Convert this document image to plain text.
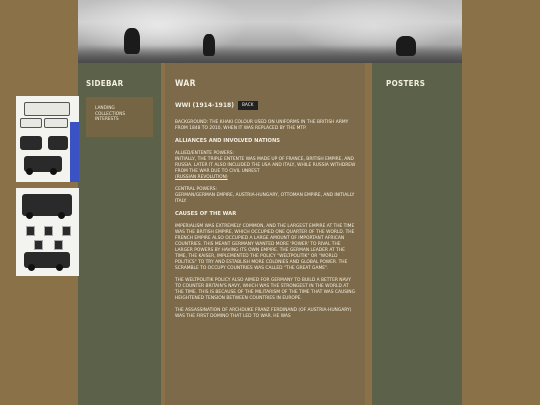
SIDEBAR
LANDING
COLLECTIONS
INTERESTS
WAR
WWI (1914-1918)	BACK

BACKGROUND: THE KHAKI COLOUR USED ON UNIFORMS IN THE BRITISH ARMY FROM 1848 TO 2010, WHEN IT WAS REPLACED BY THE MTP.

ALLIANCES AND INVOLVED NATIONS

ALLIED/ENTENTE POWERS:

INITIALLY, THE TRIPLE ENTENTE WAS MADE UP OF FRANCE, BRITISH EMPIRE, AND RUSSIA. LATER IT ALSO INCLUDED THE USA AND ITALY, WHILE RUSSIA WITHDREW FROM THE WAR DUE TO CIVIL UNREST

(RUSSIAN REVOLUTION)

CENTRAL POWERS:

GERMAN/GERMAN EMPIRE, AUSTRIA-HUNGARY, OTTOMAN EMPIRE, AND INITIALLY ITALY.

CAUSES OF THE WAR

IMPERIALISM WAS EXTREMELY COMMON, AND THE LARGEST EMPIRE AT THE TIME WAS THE BRITISH EMPIRE, WHICH OCCUPIED ONE QUARTER OF THE WORLD. THE FRENCH EMPIRE ALSO OCCUPIED A LARGE AMOUNT OF IMPORTANT AFRICAN COUNTRIES. THIS MEANT GERMANY WANTED MORE 'POWER' TO RIVAL THE LARGER POWERS BY HAVING ITS OWN EMPIRE. THE GERMAN LEADER AT THE TIME, THE KAISER, IMPLEMENTED THE POLICY "WELTPOLITIK" OR "WORLD POLITICS" TO TRY AND ESTABLISH MORE COLONIES AND GLOBAL POWER. THE SCRAMBLE TO OCCUPY COUNTRIES WAS CALLED "THE GREAT GAME".

THE WELTPOLITIK POLICY ALSO AIMED FOR GERMANY TO BUILD A BETTER NAVY TO COUNTER BRITAIN'S NAVY, WHICH WAS THE STRONGEST IN THE WORLD AT THE TIME. THIS IS BECAUSE OF THE MILITARISM OF THE TIME THAT WAS CAUSING HEIGHTENED TENSION BETWEEN COUNTRIES IN EUROPE.

THE ASSASSINATION OF ARCHDUKE FRANZ FERDINAND (OF AUSTRIA-HUNGARY) WAS THE FIRST DOMINO THAT LED TO WAR. HE WAS

POSTERS
